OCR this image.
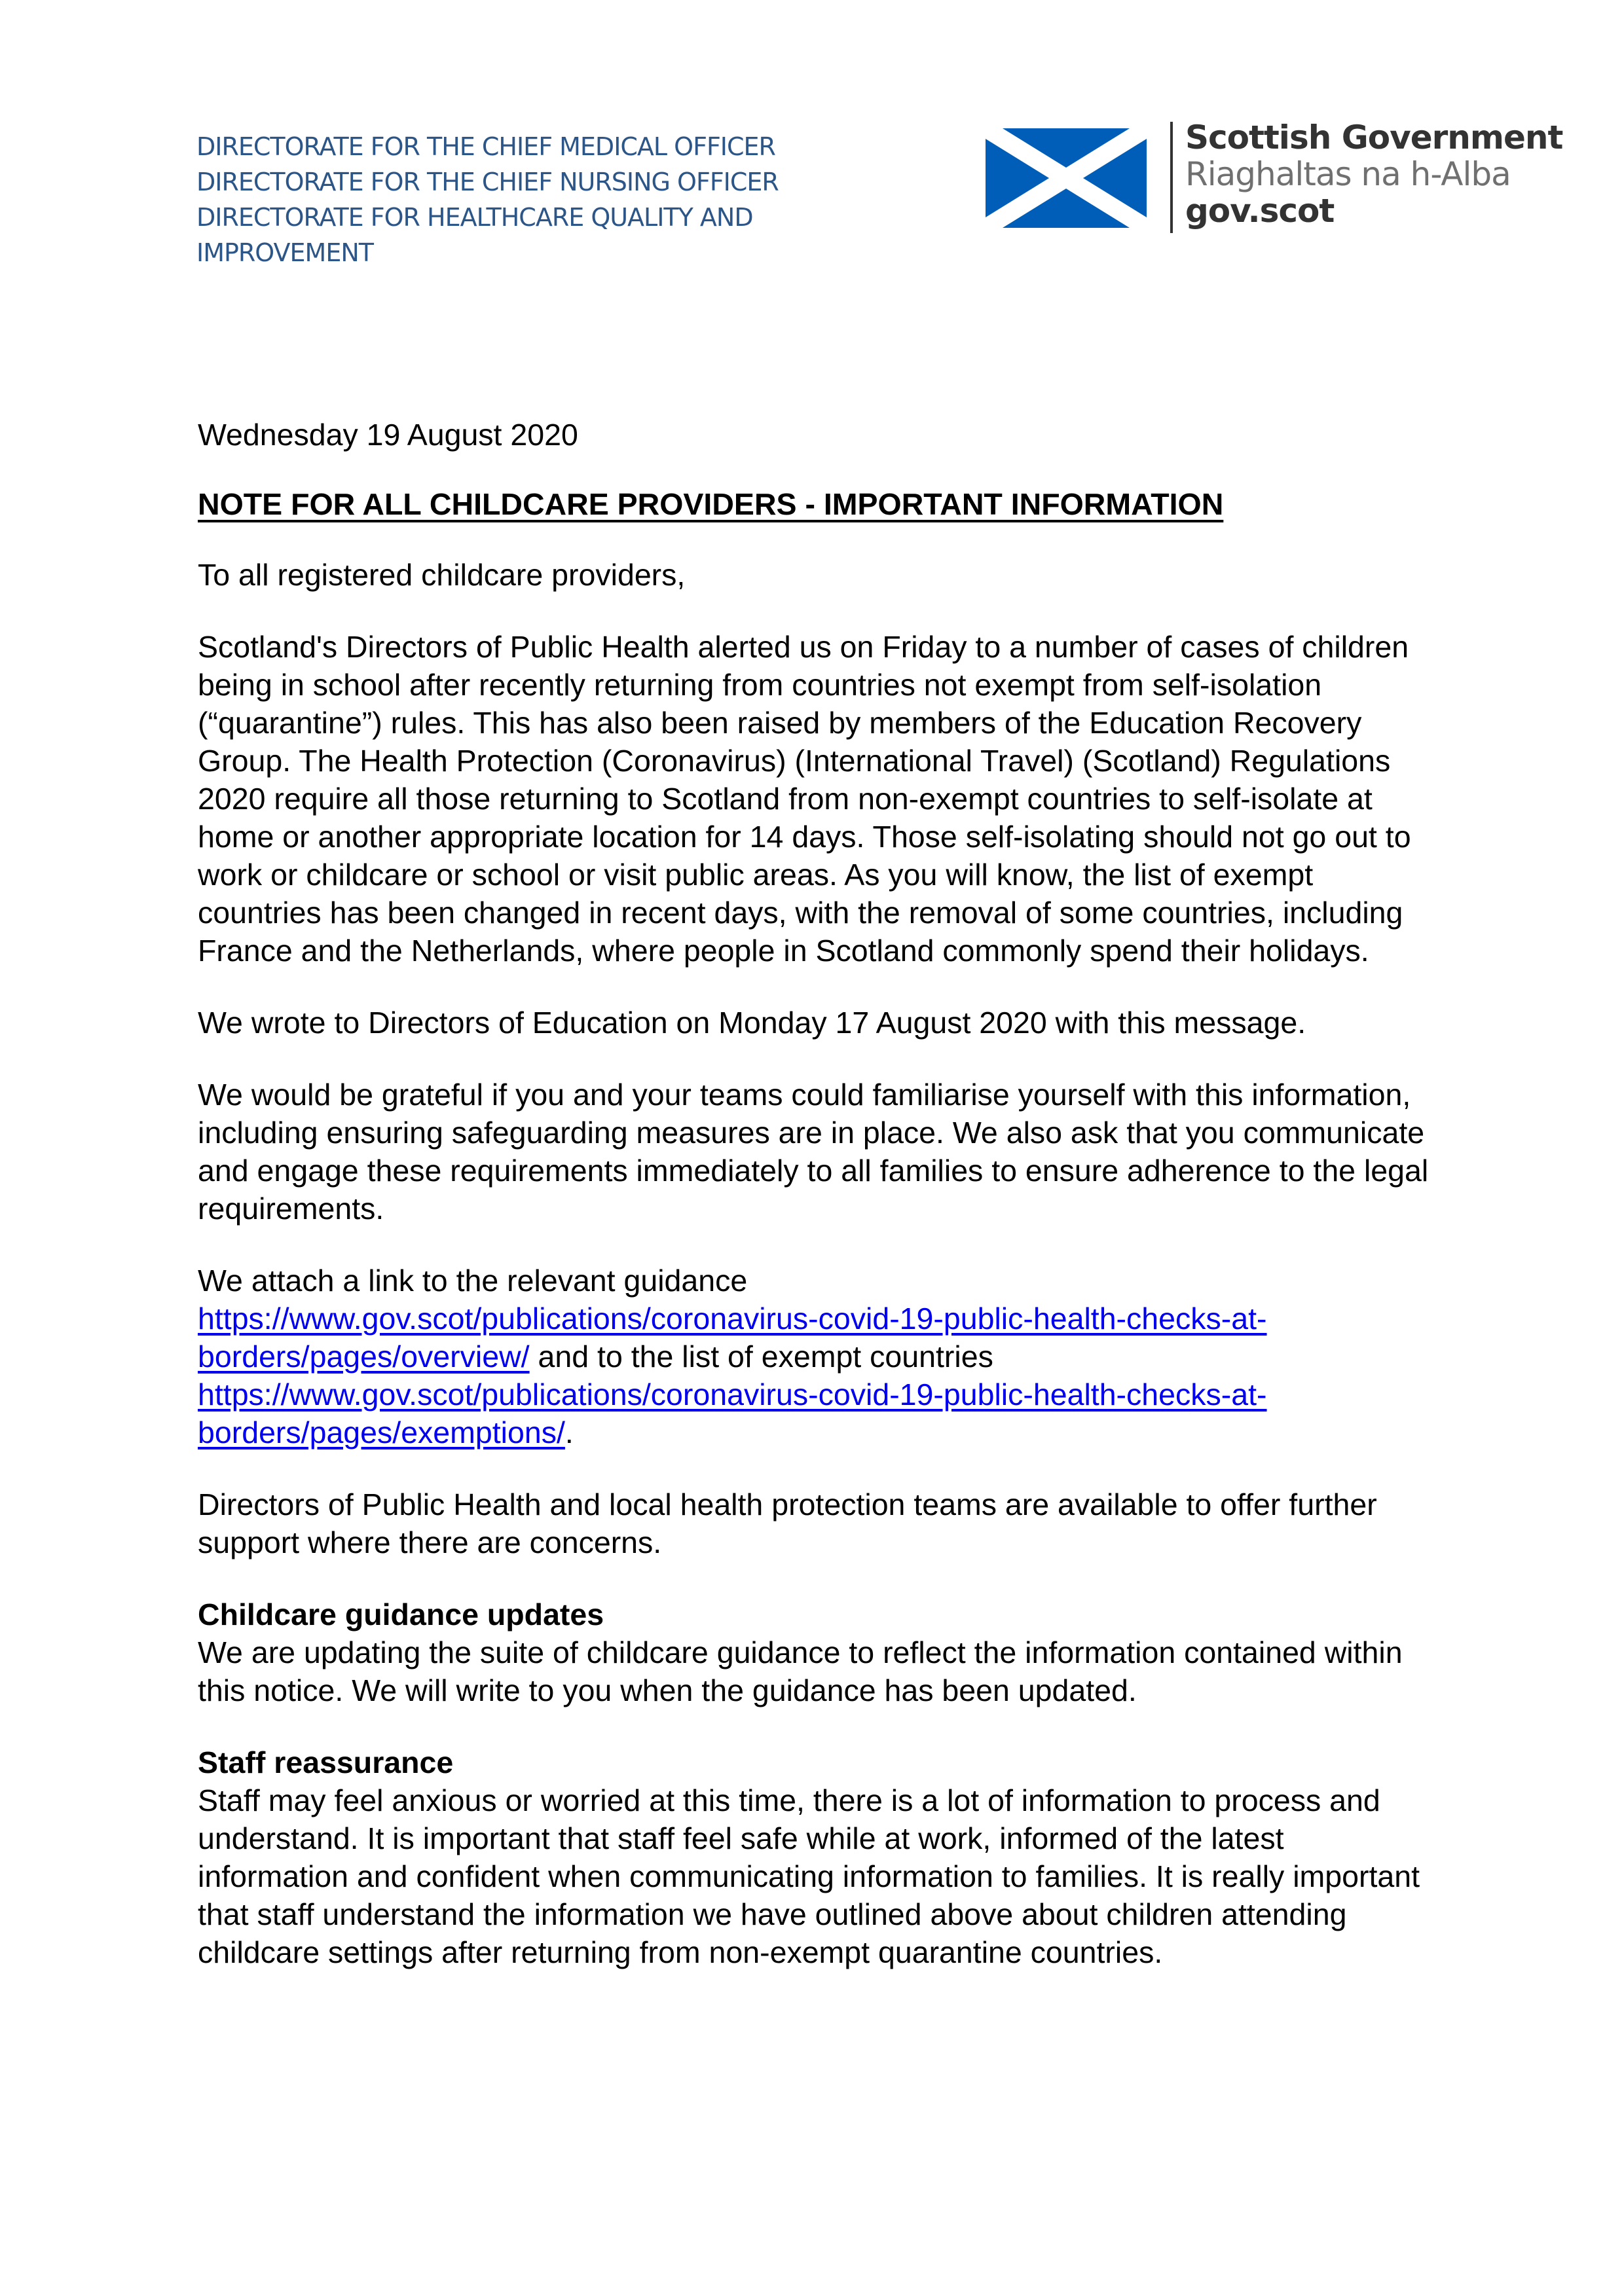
DIRECTORATE FOR THE CHIEF MEDICAL OFFICER
DIRECTORATE FOR THE CHIEF NURSING OFFICER
DIRECTORATE FOR HEALTHCARE QUALITY AND
IMPROVEMENT
Scottish Government
Riaghaltas na h-Alba
gov.scot

Wednesday 19 August 2020

NOTE FOR ALL CHILDCARE PROVIDERS - IMPORTANT INFORMATION

To all registered childcare providers,

Scotland's Directors of Public Health alerted us on Friday to a number of cases of children being in school after recently returning from countries not exempt from self-isolation (“quarantine”) rules. This has also been raised by members of the Education Recovery Group. The Health Protection (Coronavirus) (International Travel) (Scotland) Regulations 2020 require all those returning to Scotland from non-exempt countries to self-isolate at home or another appropriate location for 14 days. Those self-isolating should not go out to work or childcare or school or visit public areas. As you will know, the list of exempt countries has been changed in recent days, with the removal of some countries, including France and the Netherlands, where people in Scotland commonly spend their holidays.

We wrote to Directors of Education on Monday 17 August 2020 with this message.

We would be grateful if you and your teams could familiarise yourself with this information, including ensuring safeguarding measures are in place. We also ask that you communicate and engage these requirements immediately to all families to ensure adherence to the legal requirements.

We attach a link to the relevant guidance
https://www.gov.scot/publications/coronavirus-covid-19-public-health-checks-at-borders/pages/overview/ and to the list of exempt countries
https://www.gov.scot/publications/coronavirus-covid-19-public-health-checks-at-borders/pages/exemptions/.

Directors of Public Health and local health protection teams are available to offer further support where there are concerns.

Childcare guidance updates

We are updating the suite of childcare guidance to reflect the information contained within this notice. We will write to you when the guidance has been updated.

Staff reassurance

Staff may feel anxious or worried at this time, there is a lot of information to process and understand. It is important that staff feel safe while at work, informed of the latest information and confident when communicating information to families. It is really important that staff understand the information we have outlined above about children attending childcare settings after returning from non-exempt quarantine countries.
